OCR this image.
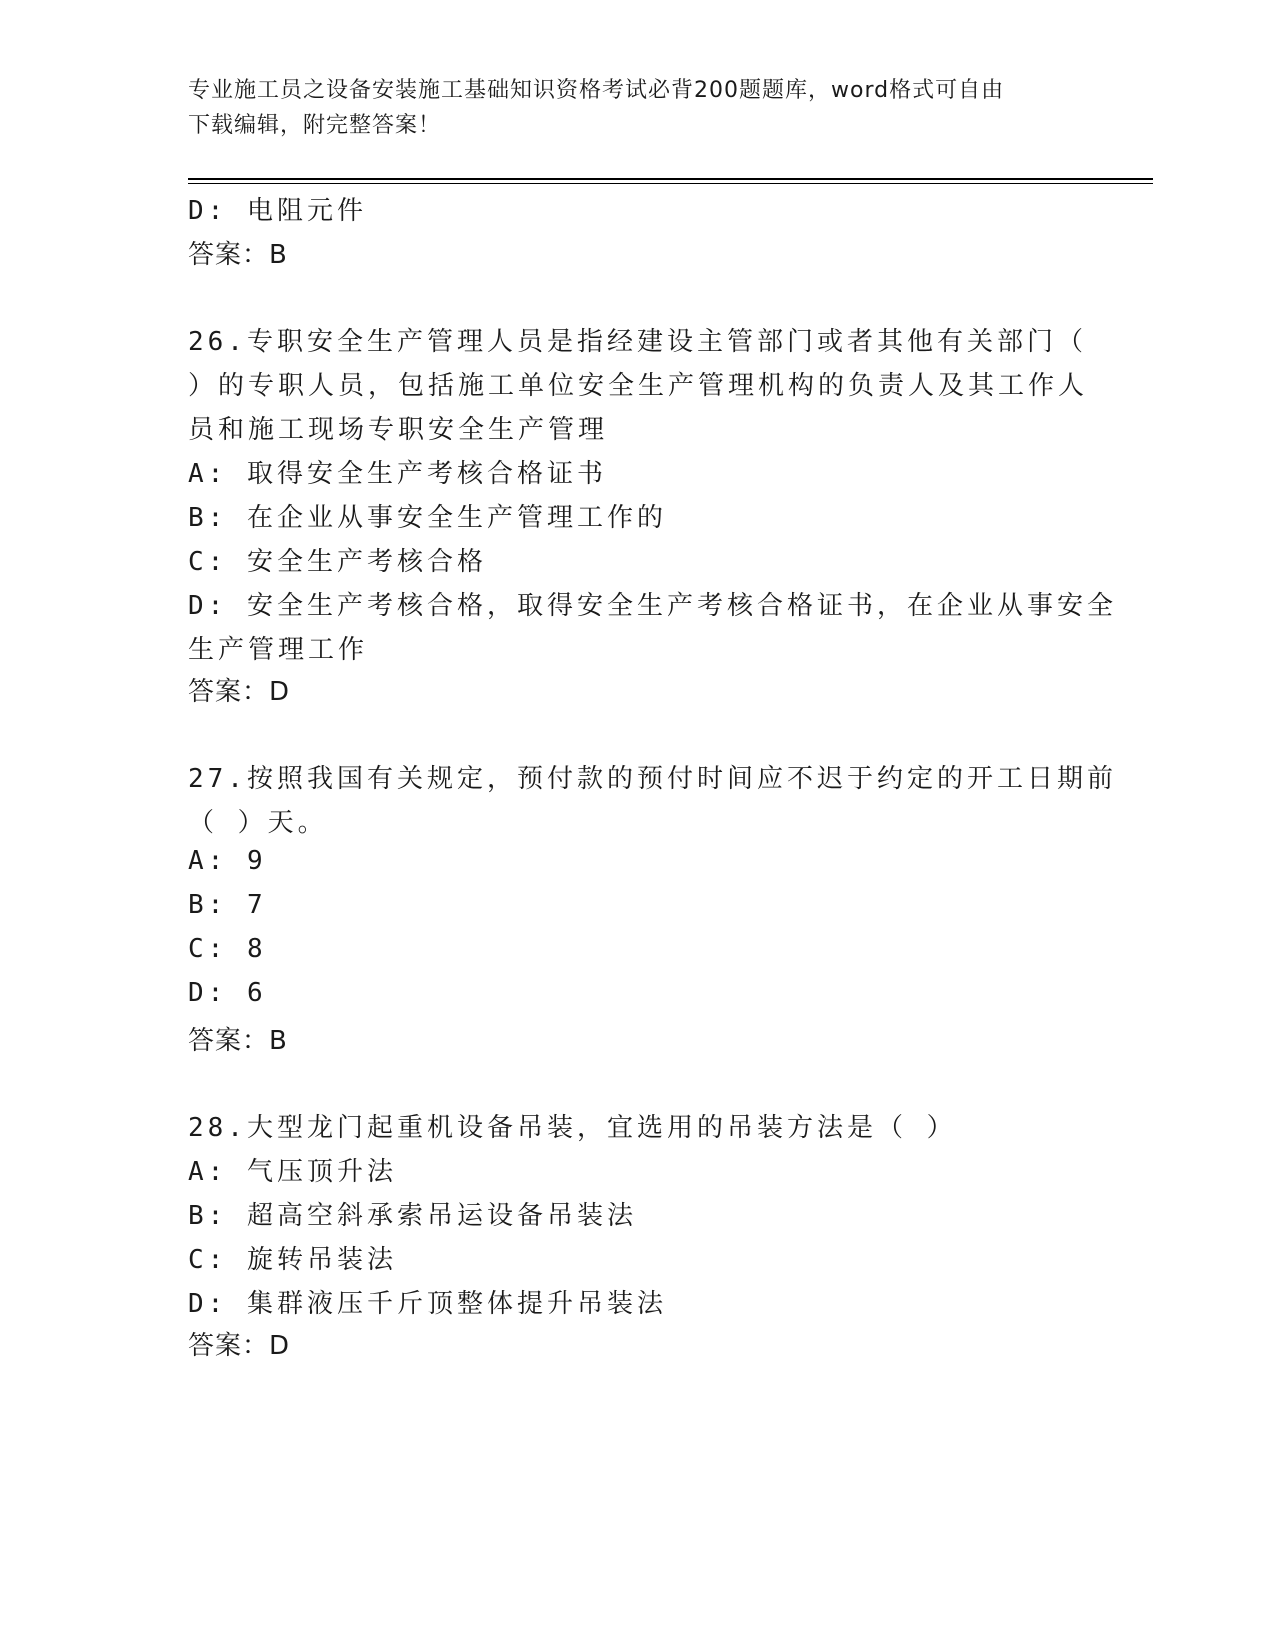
专业施工员之设备安装施工基础知识资格考试必背200题题库，word格式可自由
下载编辑，附完整答案！
D: 电阻元件
答案：B
26.专职安全生产管理人员是指经建设主管部门或者其他有关部门（
）的专职人员，包括施工单位安全生产管理机构的负责人及其工作人
员和施工现场专职安全生产管理
A: 取得安全生产考核合格证书
B: 在企业从事安全生产管理工作的
C: 安全生产考核合格
D: 安全生产考核合格，取得安全生产考核合格证书，在企业从事安全
生产管理工作
答案：D
27.按照我国有关规定，预付款的预付时间应不迟于约定的开工日期前
（ ）天。
A: 9
B: 7
C: 8
D: 6
答案：B
28.大型龙门起重机设备吊装，宜选用的吊装方法是（ ）
A: 气压顶升法
B: 超高空斜承索吊运设备吊装法
C: 旋转吊装法
D: 集群液压千斤顶整体提升吊装法
答案：D
